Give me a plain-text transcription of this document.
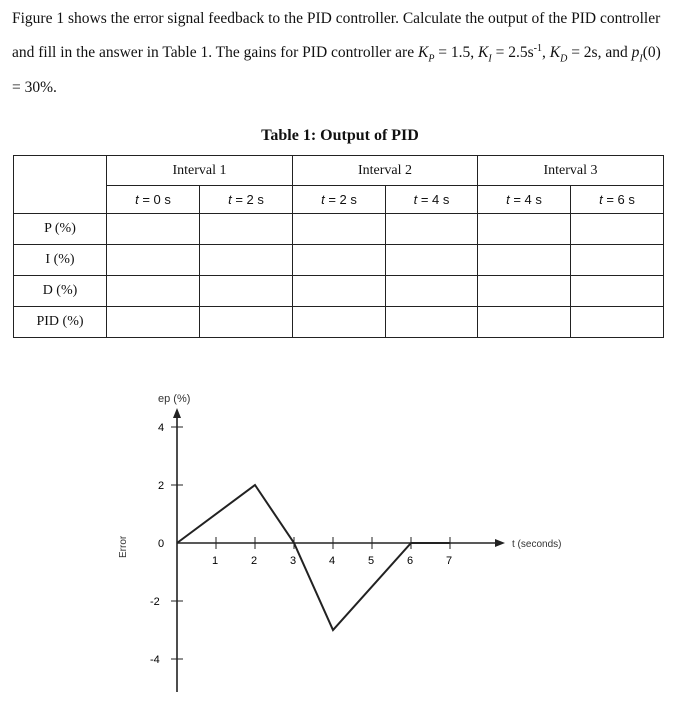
Figure 1 shows the error signal feedback to the PID controller. Calculate the output of the PID controller and fill in the answer in Table 1. The gains for PID controller are $K_P = 1.5$, $K_I = 2.5s^{-1}$, $K_D = 2s$, and $p_I(0) = 30\%$.
Table 1: Output of PID
	Interval 1		Interval 2		Interval 3	
	t = 0 s	t = 2 s	t = 2 s	t = 4 s	t = 4 s	t = 6 s
P (%)						
I (%)						
D (%)						
PID (%)						
ep (%)
t (seconds)
Error
4
2
0
-2
-4
1	2	3	4	5	6	7
